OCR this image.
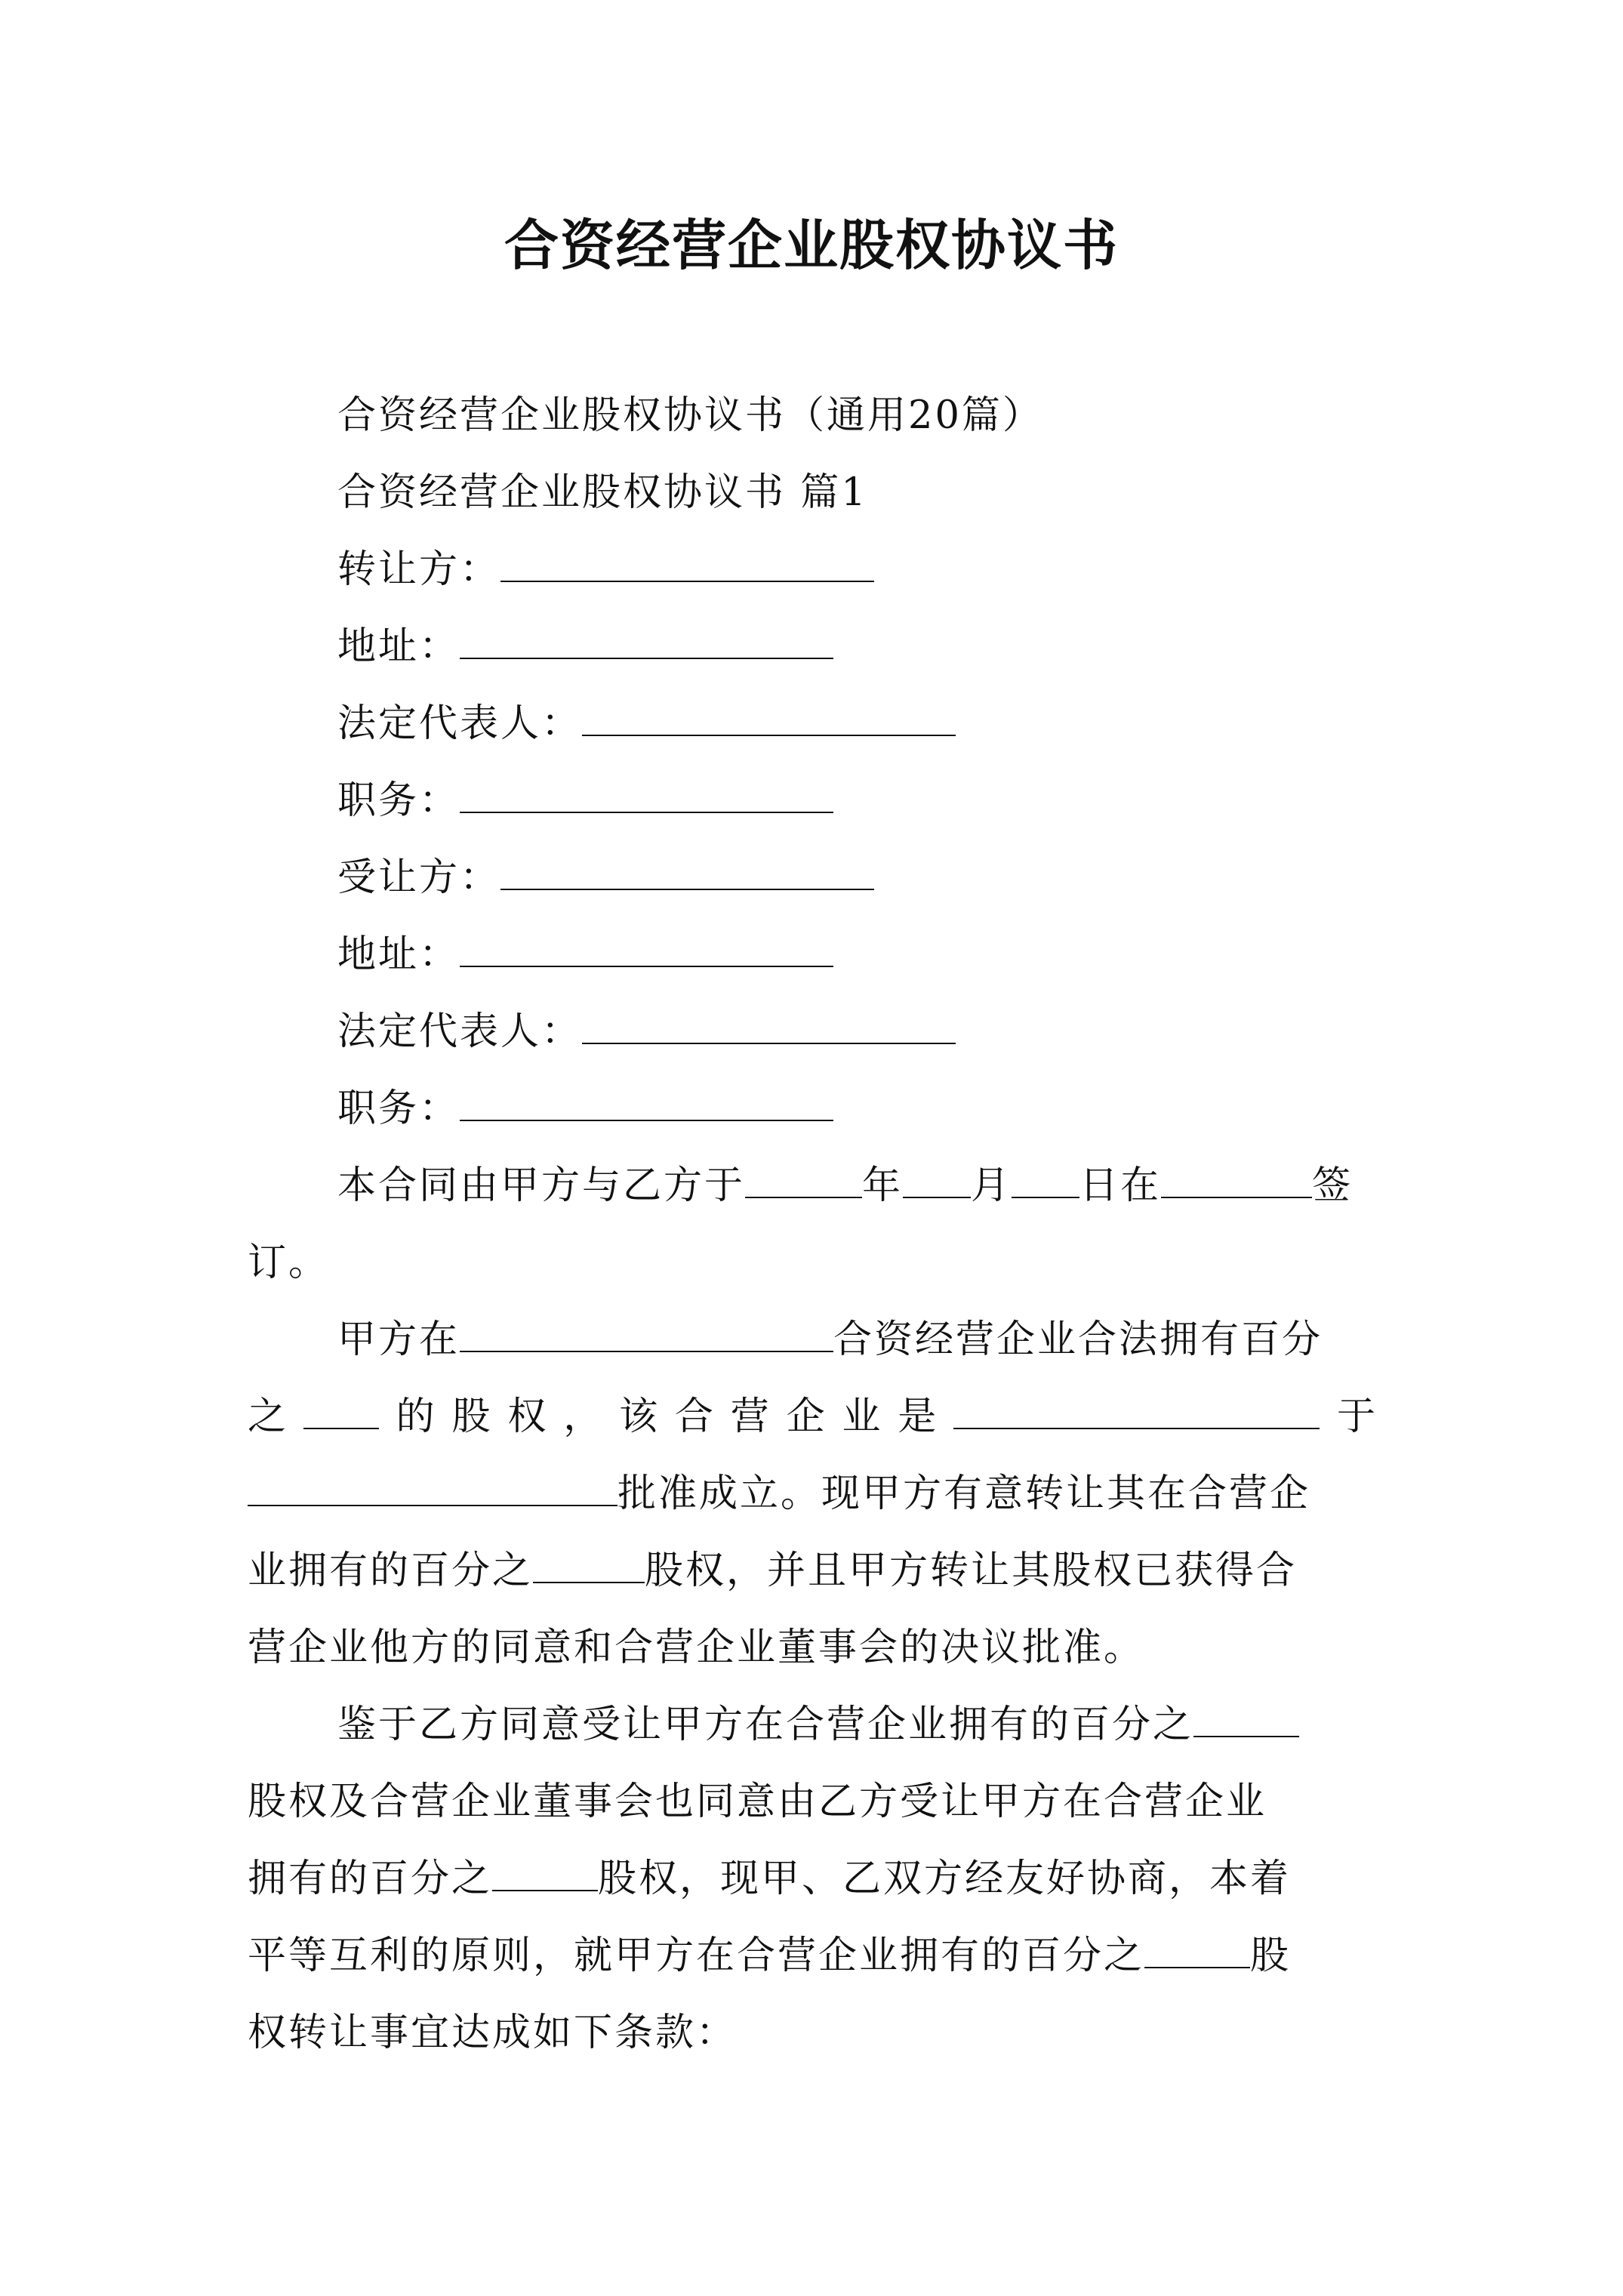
合资经营企业股权协议书
合资经营企业股权协议书（通用20篇）
合资经营企业股权协议书 篇1
转让方：
地址：
法定代表人：
职务：
受让方：
地址：
法定代表人：
职务：
本合同由甲方与乙方于	年 月 日在	签
订。
甲方在	合资经营企业合法拥有百分
之	的 股 权 ， 该 合 营 企 业 是	于
批准成立。现甲方有意转让其在合营企
业拥有的百分之	股权，并且甲方转让其股权已获得合
营企业他方的同意和合营企业董事会的决议批准。
鉴于乙方同意受让甲方在合营企业拥有的百分之
股权及合营企业董事会也同意由乙方受让甲方在合营企业
拥有的百分之	股权，现甲、乙双方经友好协商，本着
平等互利的原则，就甲方在合营企业拥有的百分之	股
权转让事宜达成如下条款：
